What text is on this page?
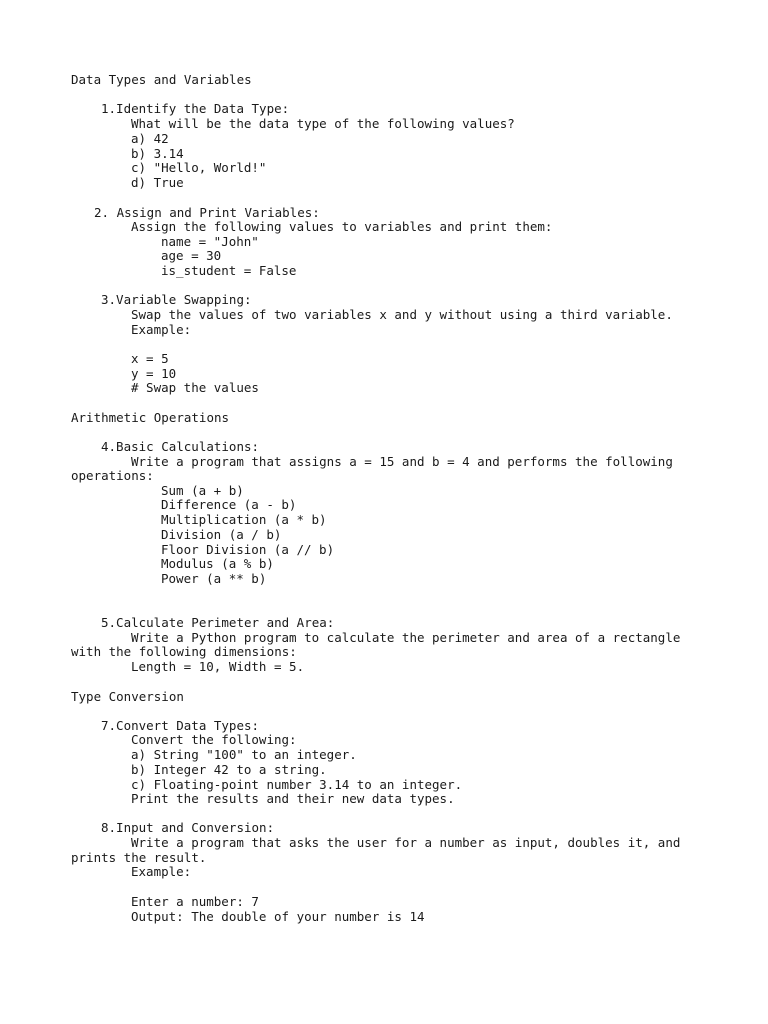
Data Types and Variables
1.Identify the Data Type:
What will be the data type of the following values?
a) 42
b) 3.14
c) "Hello, World!"
d) True
2. Assign and Print Variables:
Assign the following values to variables and print them:
name = "John"
age = 30
is_student = False
3.Variable Swapping:
Swap the values of two variables x and y without using a third variable.
Example:
x = 5
y = 10
# Swap the values
Arithmetic Operations
4.Basic Calculations:
Write a program that assigns a = 15 and b = 4 and performs the following
operations:
Sum (a + b)
Difference (a - b)
Multiplication (a * b)
Division (a / b)
Floor Division (a // b)
Modulus (a % b)
Power (a ** b)
5.Calculate Perimeter and Area:
Write a Python program to calculate the perimeter and area of a rectangle
with the following dimensions:
Length = 10, Width = 5.
Type Conversion
7.Convert Data Types:
Convert the following:
a) String "100" to an integer.
b) Integer 42 to a string.
c) Floating-point number 3.14 to an integer.
Print the results and their new data types.
8.Input and Conversion:
Write a program that asks the user for a number as input, doubles it, and
prints the result.
Example:
Enter a number: 7
Output: The double of your number is 14
